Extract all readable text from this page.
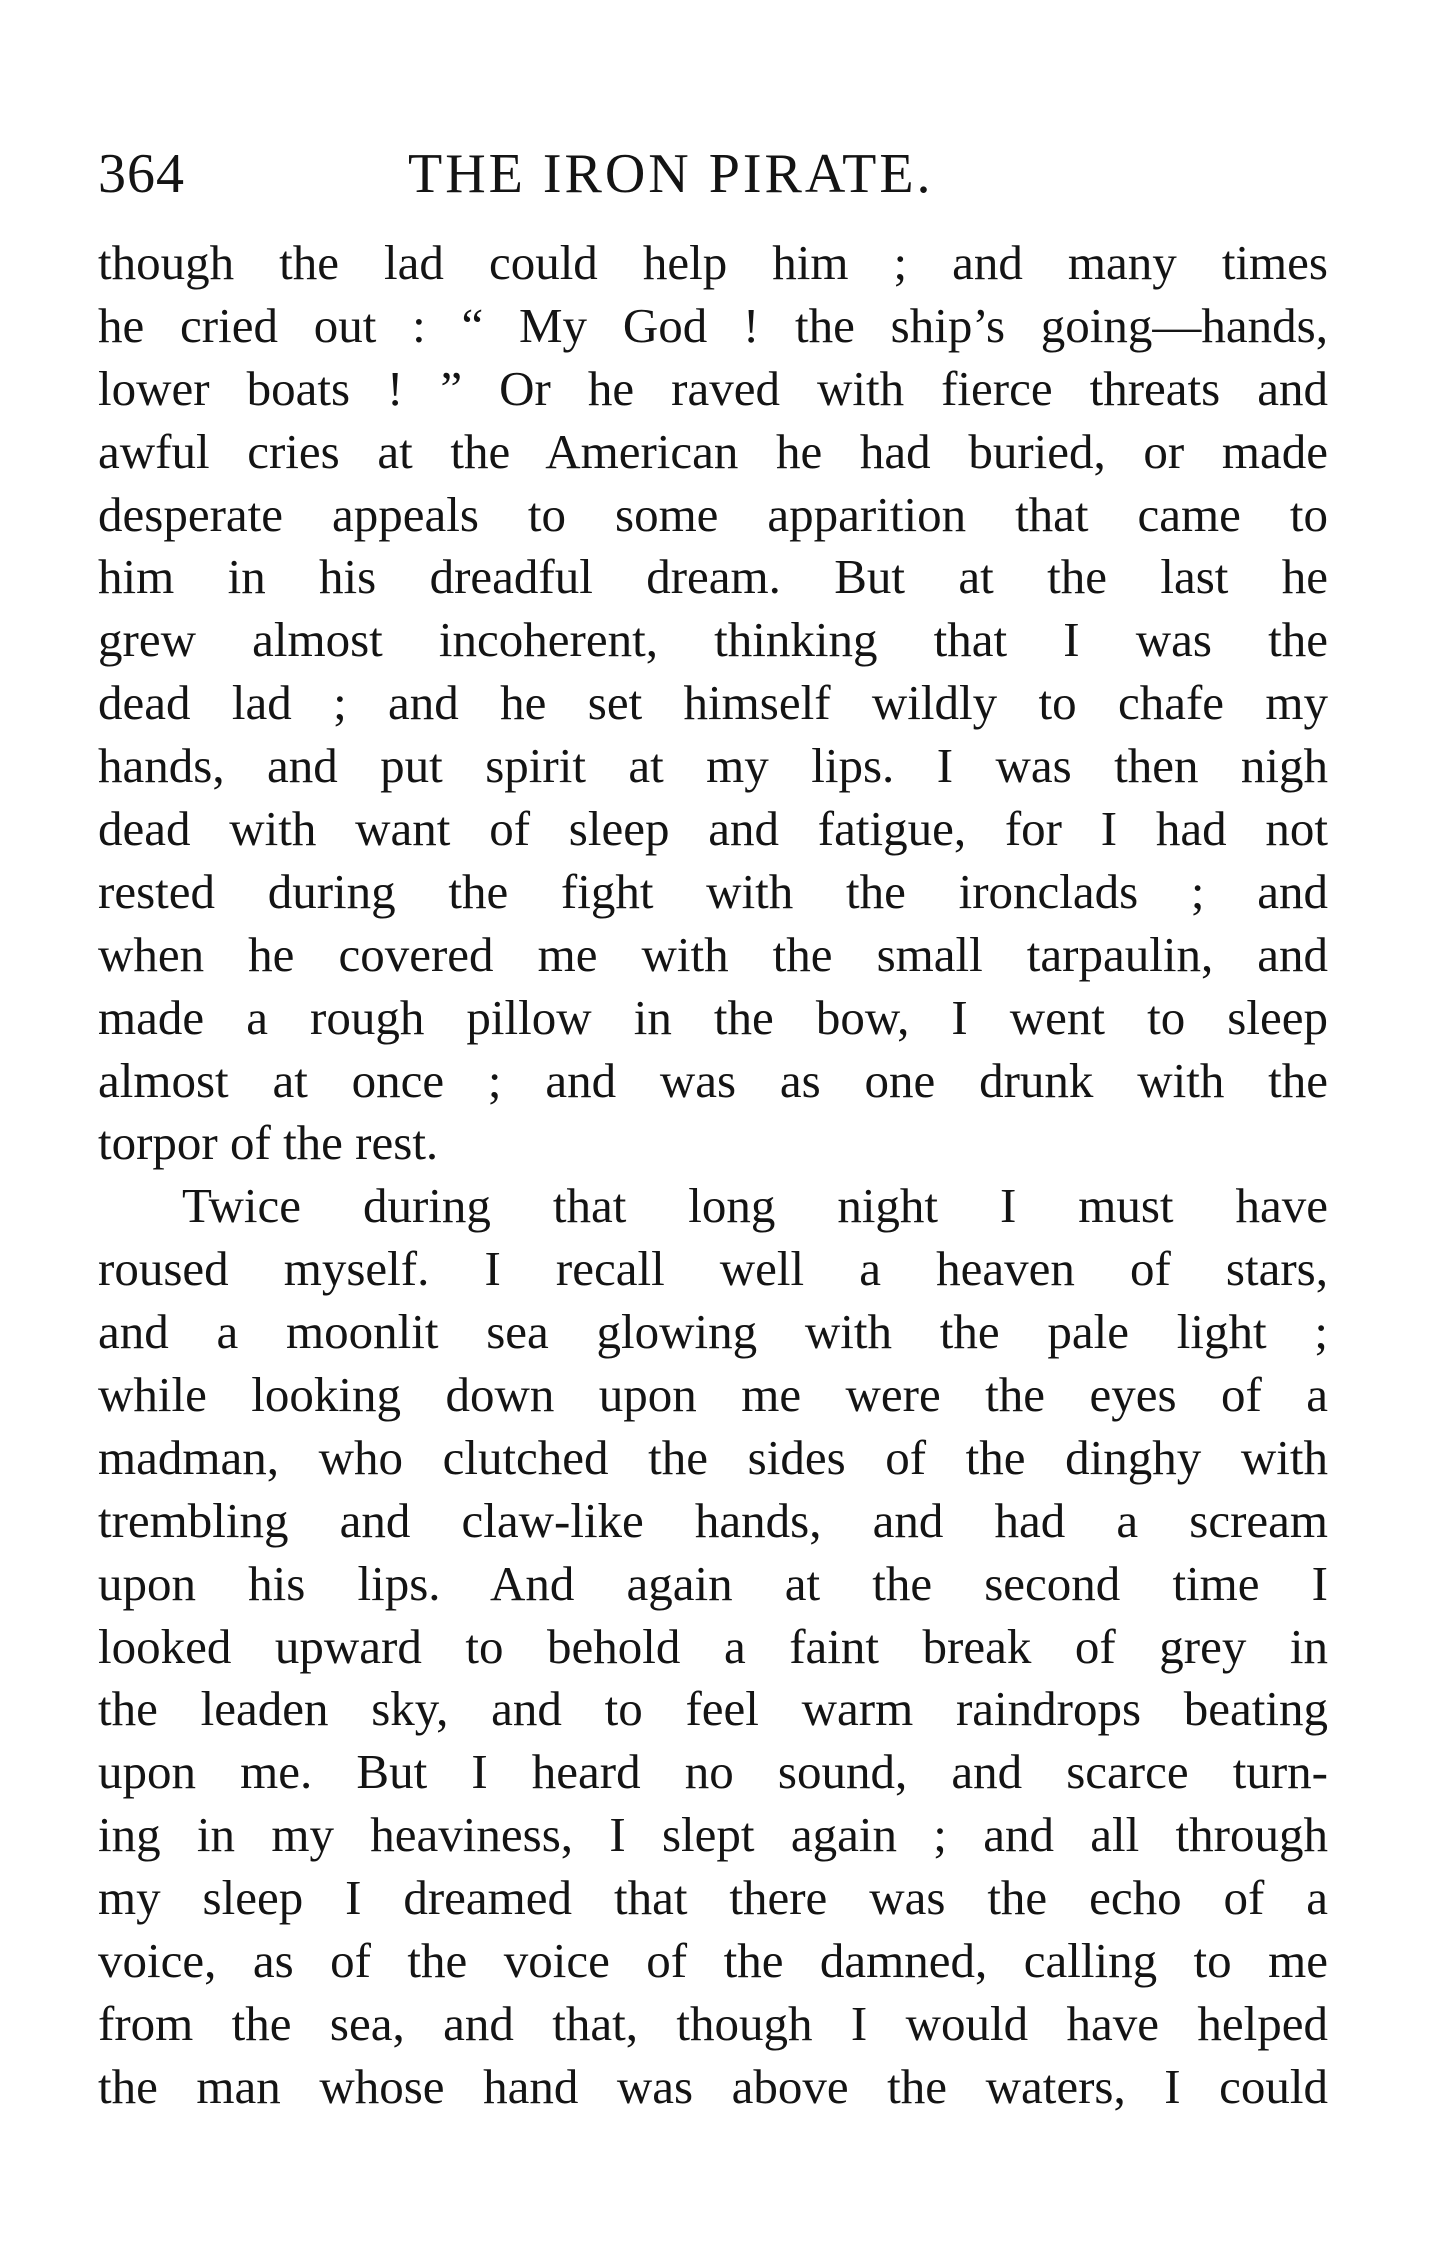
364	THE IRON PIRATE.
though the lad could help him ; and many times
he cried out : “ My God ! the ship’s going—hands,
lower boats ! ” Or he raved with fierce threats and
awful cries at the American he had buried, or made
desperate appeals to some apparition that came to
him in his dreadful dream. But at the last he
grew almost incoherent, thinking that I was the
dead lad ; and he set himself wildly to chafe my
hands, and put spirit at my lips. I was then nigh
dead with want of sleep and fatigue, for I had not
rested during the fight with the ironclads ; and
when he covered me with the small tarpaulin, and
made a rough pillow in the bow, I went to sleep
almost at once ; and was as one drunk with the
torpor of the rest.
Twice during that long night I must have
roused myself. I recall well a heaven of stars,
and a moonlit sea glowing with the pale light ;
while looking down upon me were the eyes of a
madman, who clutched the sides of the dinghy with
trembling and claw-like hands, and had a scream
upon his lips. And again at the second time I
looked upward to behold a faint break of grey in
the leaden sky, and to feel warm raindrops beating
upon me. But I heard no sound, and scarce turn-
ing in my heaviness, I slept again ; and all through
my sleep I dreamed that there was the echo of a
voice, as of the voice of the damned, calling to me
from the sea, and that, though I would have helped
the man whose hand was above the waters, I could
